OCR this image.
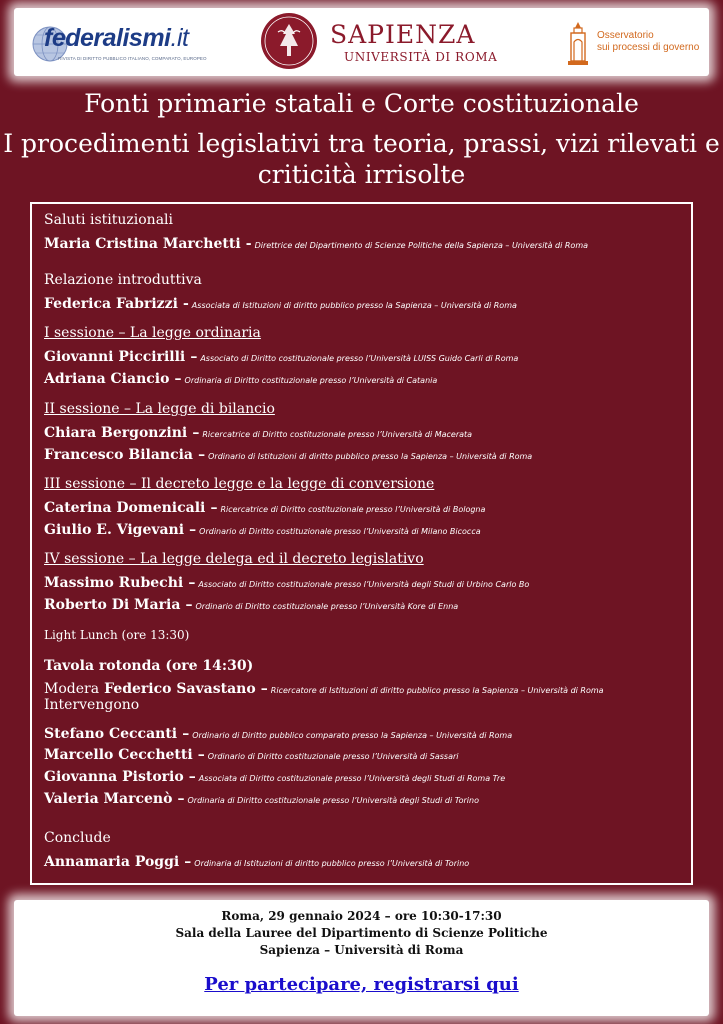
federalismi.it
RIVISTA DI DIRITTO PUBBLICO ITALIANO, COMPARATO, EUROPEO
SAPIENZA
UNIVERSITÀ DI ROMA
Osservatorio
sui processi di governo
Fonti primarie statali e Corte costituzionale
I procedimenti legislativi tra teoria, prassi, vizi rilevati e criticità irrisolte
Saluti istituzionali
Maria Cristina Marchetti - Direttrice del Dipartimento di Scienze Politiche della Sapienza – Università di Roma
Relazione introduttiva
Federica Fabrizzi - Associata di Istituzioni di diritto pubblico presso la Sapienza – Università di Roma
I sessione – La legge ordinaria
Giovanni Piccirilli – Associato di Diritto costituzionale presso l’Università LUISS Guido Carli di Roma
Adriana Ciancio – Ordinaria di Diritto costituzionale presso l’Università di Catania
II sessione – La legge di bilancio
Chiara Bergonzini – Ricercatrice di Diritto costituzionale presso l’Università di Macerata
Francesco Bilancia – Ordinario di Istituzioni di diritto pubblico presso la Sapienza – Università di Roma
III sessione – Il decreto legge e la legge di conversione
Caterina Domenicali – Ricercatrice di Diritto costituzionale presso l’Università di Bologna
Giulio E. Vigevani – Ordinario di Diritto costituzionale presso l’Università di Milano Bicocca
IV sessione – La legge delega ed il decreto legislativo
Massimo Rubechi – Associato di Diritto costituzionale presso l’Università degli Studi di Urbino Carlo Bo
Roberto Di Maria – Ordinario di Diritto costituzionale presso l’Università Kore di Enna
Light Lunch (ore 13:30)
Tavola rotonda (ore 14:30)
Modera Federico Savastano – Ricercatore di Istituzioni di diritto pubblico presso la Sapienza – Università di Roma
Intervengono
Stefano Ceccanti – Ordinario di Diritto pubblico comparato presso la Sapienza – Università di Roma
Marcello Cecchetti – Ordinario di Diritto costituzionale presso l’Università di Sassari
Giovanna Pistorio – Associata di Diritto costituzionale presso l’Università degli Studi di Roma Tre
Valeria Marcenò – Ordinaria di Diritto costituzionale presso l’Università degli Studi di Torino
Conclude
Annamaria Poggi – Ordinaria di Istituzioni di diritto pubblico presso l’Università di Torino
Roma, 29 gennaio 2024 – ore 10:30-17:30
Sala della Lauree del Dipartimento di Scienze Politiche
Sapienza – Università di Roma
Per partecipare, registrarsi qui
